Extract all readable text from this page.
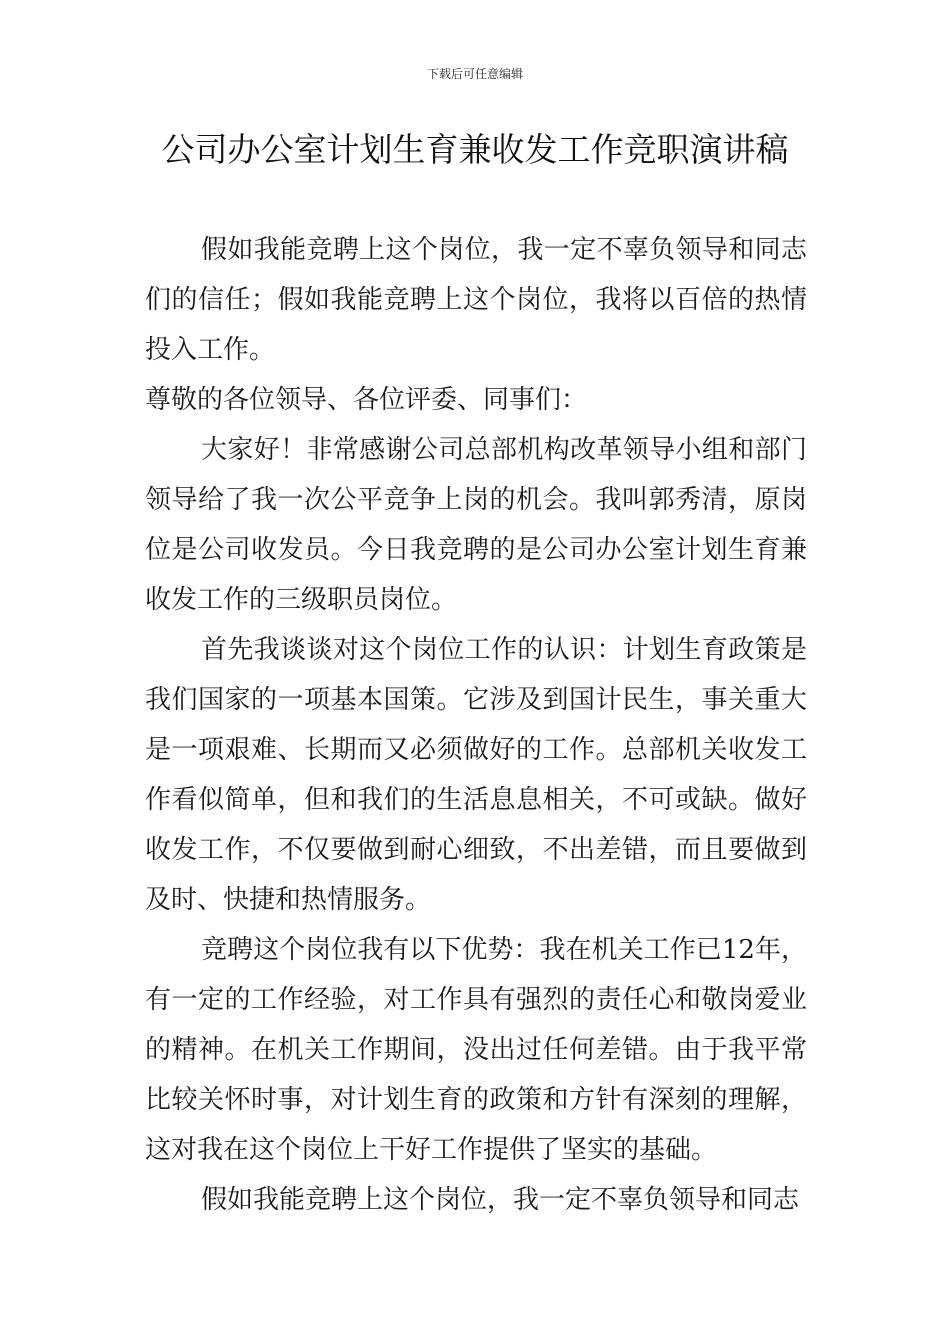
下载后可任意编辑
公司办公室计划生育兼收发工作竞职演讲稿

假如我能竞聘上这个岗位，我一定不辜负领导和同志们的信任；假如我能竞聘上这个岗位，我将以百倍的热情投入工作。

尊敬的各位领导、各位评委、同事们：

大家好！非常感谢公司总部机构改革领导小组和部门领导给了我一次公平竞争上岗的机会。我叫郭秀清，原岗位是公司收发员。今日我竞聘的是公司办公室计划生育兼收发工作的三级职员岗位。

首先我谈谈对这个岗位工作的认识：计划生育政策是我们国家的一项基本国策。它涉及到国计民生，事关重大是一项艰难、长期而又必须做好的工作。总部机关收发工作看似简单，但和我们的生活息息相关，不可或缺。做好收发工作，不仅要做到耐心细致，不出差错，而且要做到及时、快捷和热情服务。

竞聘这个岗位我有以下优势：我在机关工作已12年，有一定的工作经验，对工作具有强烈的责任心和敬岗爱业的精神。在机关工作期间，没出过任何差错。由于我平常比较关怀时事，对计划生育的政策和方针有深刻的理解，这对我在这个岗位上干好工作提供了坚实的基础。

假如我能竞聘上这个岗位，我一定不辜负领导和同志
